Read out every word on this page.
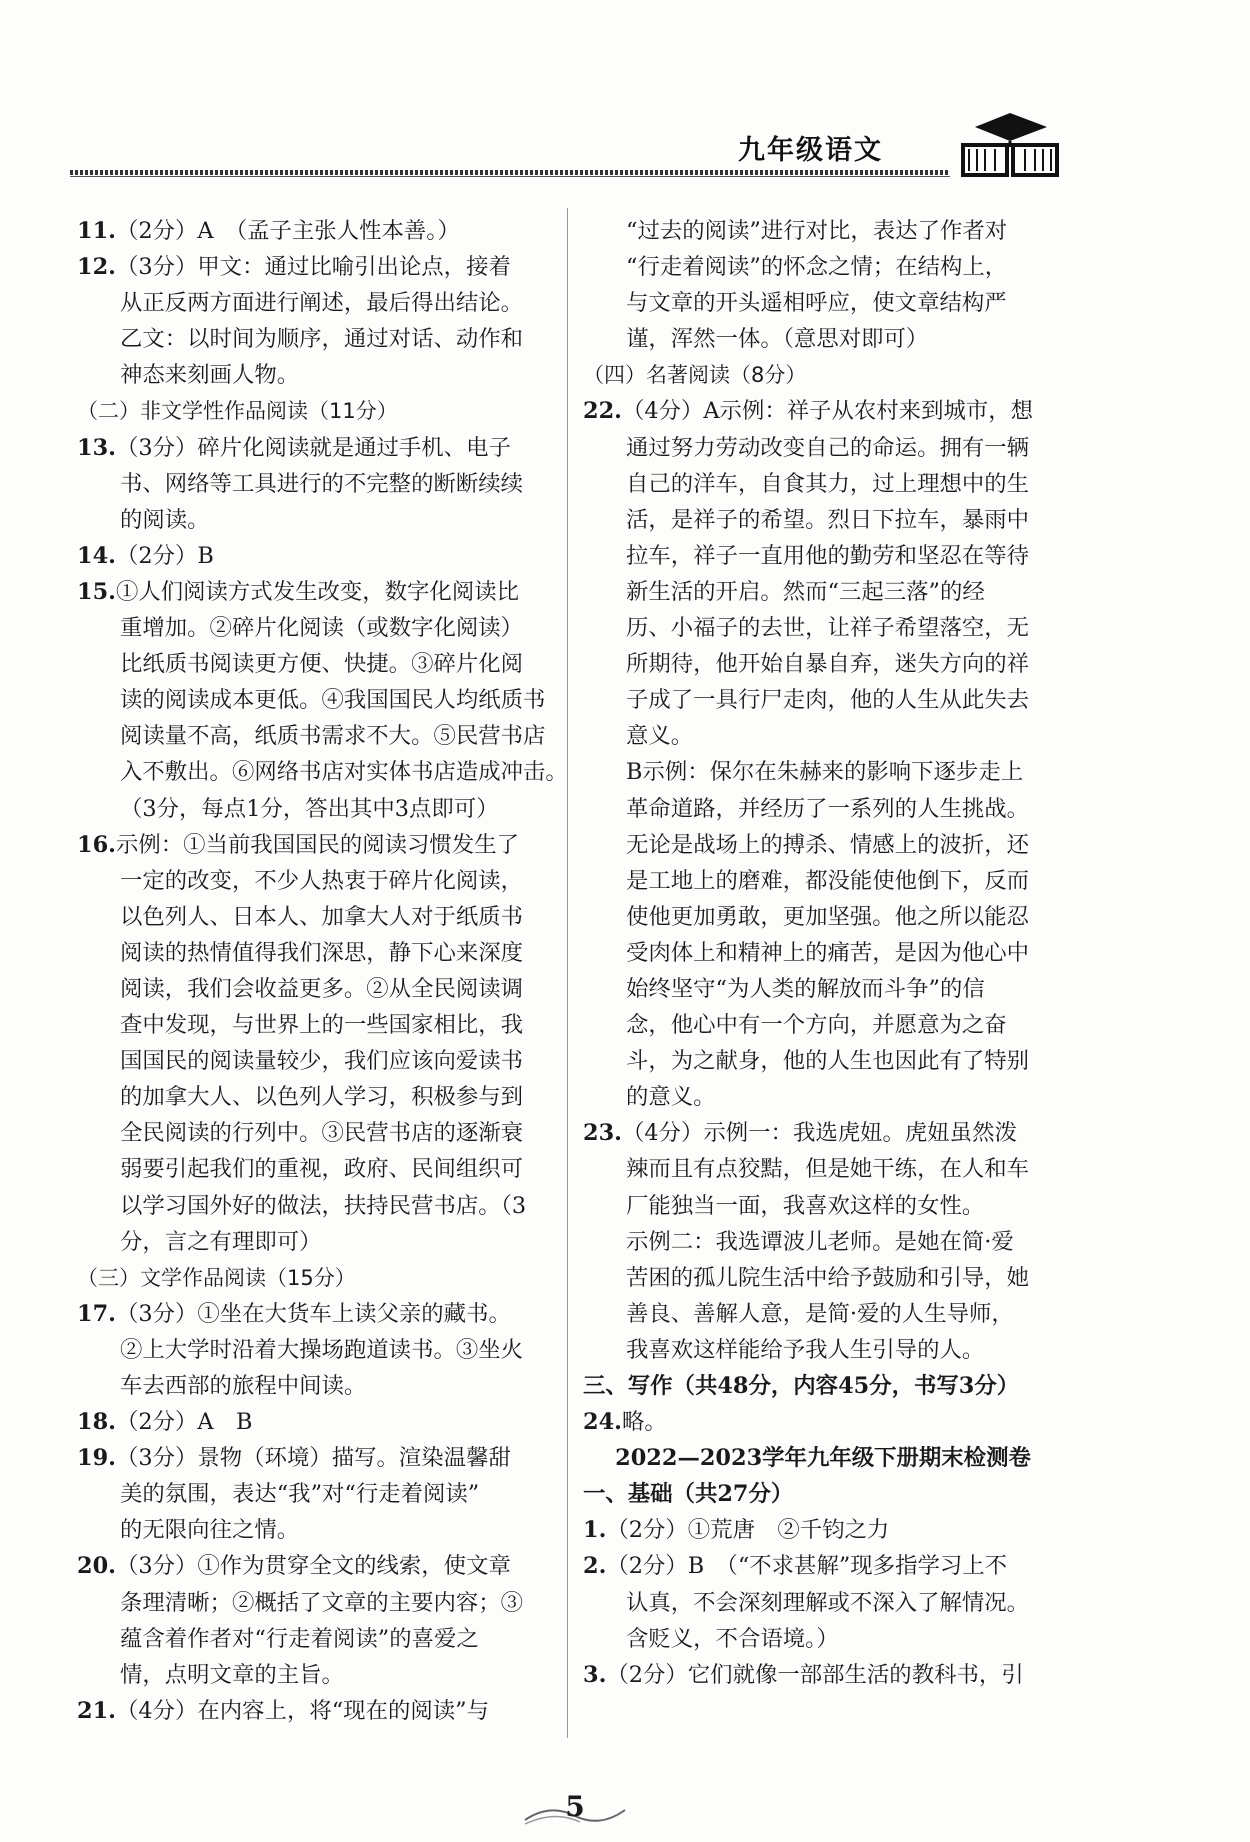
九年级语文
11.（2分）A　（孟子主张人性本善。）
12.（3分）甲文：通过比喻引出论点，接着
从正反两方面进行阐述，最后得出结论。
乙文：以时间为顺序，通过对话、动作和
神态来刻画人物。
（二）非文学性作品阅读（11分）
13.（3分）碎片化阅读就是通过手机、电子
书、网络等工具进行的不完整的断断续续
的阅读。
14.（2分）B
15.①人们阅读方式发生改变，数字化阅读比
重增加。②碎片化阅读（或数字化阅读）
比纸质书阅读更方便、快捷。③碎片化阅
读的阅读成本更低。④我国国民人均纸质书
阅读量不高，纸质书需求不大。⑤民营书店
入不敷出。⑥网络书店对实体书店造成冲击。
（3分，每点1分，答出其中3点即可）
16.示例：①当前我国国民的阅读习惯发生了
一定的改变，不少人热衷于碎片化阅读，
以色列人、日本人、加拿大人对于纸质书
阅读的热情值得我们深思，静下心来深度
阅读，我们会收益更多。②从全民阅读调
查中发现，与世界上的一些国家相比，我
国国民的阅读量较少，我们应该向爱读书
的加拿大人、以色列人学习，积极参与到
全民阅读的行列中。③民营书店的逐渐衰
弱要引起我们的重视，政府、民间组织可
以学习国外好的做法，扶持民营书店。（3
分，言之有理即可）
（三）文学作品阅读（15分）
17.（3分）①坐在大货车上读父亲的藏书。
②上大学时沿着大操场跑道读书。③坐火
车去西部的旅程中间读。
18.（2分）A　B
19.（3分）景物（环境）描写。渲染温馨甜
美的氛围，表达“我”对“行走着阅读”
的无限向往之情。
20.（3分）①作为贯穿全文的线索，使文章
条理清晰；②概括了文章的主要内容；③
蕴含着作者对“行走着阅读”的喜爱之
情，点明文章的主旨。
21.（4分）在内容上，将“现在的阅读”与
“过去的阅读”进行对比，表达了作者对
“行走着阅读”的怀念之情；在结构上，
与文章的开头遥相呼应，使文章结构严
谨，浑然一体。（意思对即可）
（四）名著阅读（8分）
22.（4分）A示例：祥子从农村来到城市，想
通过努力劳动改变自己的命运。拥有一辆
自己的洋车，自食其力，过上理想中的生
活，是祥子的希望。烈日下拉车，暴雨中
拉车，祥子一直用他的勤劳和坚忍在等待
新生活的开启。然而“三起三落”的经
历、小福子的去世，让祥子希望落空，无
所期待，他开始自暴自弃，迷失方向的祥
子成了一具行尸走肉，他的人生从此失去
意义。
B示例：保尔在朱赫来的影响下逐步走上
革命道路，并经历了一系列的人生挑战。
无论是战场上的搏杀、情感上的波折，还
是工地上的磨难，都没能使他倒下，反而
使他更加勇敢，更加坚强。他之所以能忍
受肉体上和精神上的痛苦，是因为他心中
始终坚守“为人类的解放而斗争”的信
念，他心中有一个方向，并愿意为之奋
斗，为之献身，他的人生也因此有了特别
的意义。
23.（4分）示例一：我选虎妞。虎妞虽然泼
辣而且有点狡黠，但是她干练，在人和车
厂能独当一面，我喜欢这样的女性。
示例二：我选谭波儿老师。是她在简·爱
苦困的孤儿院生活中给予鼓励和引导，她
善良、善解人意，是简·爱的人生导师，
我喜欢这样能给予我人生引导的人。
三、写作（共48分，内容45分，书写3分）
24.略。
2022—2023学年九年级下册期末检测卷
一、基础（共27分）
1.（2分）①荒唐　②千钧之力
2.（2分）B　（“不求甚解”现多指学习上不
认真，不会深刻理解或不深入了解情况。
含贬义，不合语境。）
3.（2分）它们就像一部部生活的教科书，引
5
